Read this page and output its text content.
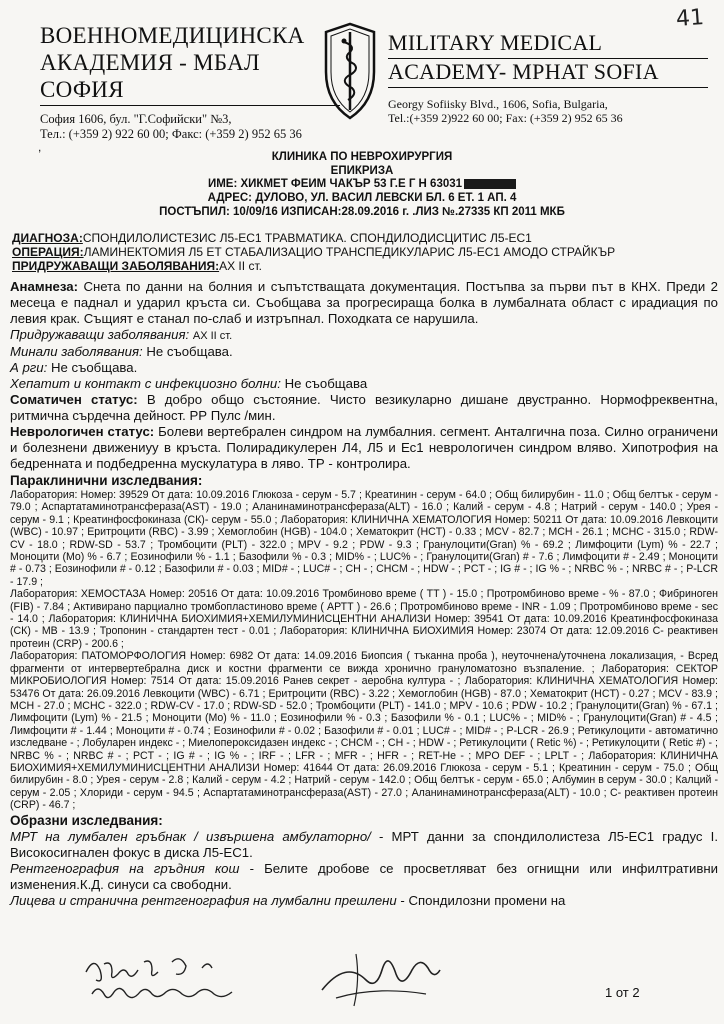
41
ВОЕННОМЕДИЦИНСКА
АКАДЕМИЯ - МБАЛ СОФИЯ
София 1606, бул. "Г.Софийски" №3,
Тел.: (+359 2) 922 60 00; Факс: (+359 2) 952 65 36
MILITARY MEDICAL
ACADEMY- MPHAT SOFIA
Georgy Sofiisky Blvd., 1606, Sofia, Bulgaria,
Tel.:(+359 2)922 60 00; Fax: (+359 2) 952 65 36
,
КЛИНИКА ПО НЕВРОХИРУРГИЯ
ЕПИКРИЗА
ИМЕ: ХИКМЕТ ФЕИМ ЧАКЪР 53 Г.Е Г Н 63031
АДРЕС: ДУЛОВО, УЛ. ВАСИЛ ЛЕВСКИ БЛ. 6 ЕТ. 1 АП. 4
ПОСТЪПИЛ: 10/09/16 ИЗПИСАН:28.09.2016 г. .ЛИЗ №.27335 КП 2011 МКБ
ДИАГНОЗА:СПОНДИЛОЛИСТЕЗИС Л5-ЕС1 ТРАВМАТИКА. СПОНДИЛОДИСЦИТИС Л5-ЕС1
ОПЕРАЦИЯ:ЛАМИНЕКТОМИЯ Л5 ЕТ СТАБАЛИЗАЦИО ТРАНСПЕДИКУЛАРИС Л5-ЕС1 АМОДО СТРАЙКЪР
ПРИДРУЖАВАЩИ ЗАБОЛЯВАНИЯ:АХ II ст.

Анамнеза: Снета по данни на болния и съпътстващата документация. Постъпва за първи път в КНХ. Преди 2 месеца е паднал и ударил кръста си. Съобщава за прогресираща болка в лумбалната област с ирадиация по левия крак. Същият е станал по-слаб и изтръпнал. Походката се нарушила.

Придружаващи заболявания: АХ II ст.

Минали заболявания: Не съобщава.

А рги: Не съобщава.

Хепатит и контакт с инфекциозно болни: Не съобщава

Соматичен статус: В добро общо състояние. Чисто везикуларно дишане двустранно. Нормофреквентна, ритмична сърдечна дейност. РР Пулс /мин.

Неврологичен статус: Болеви вертебрален синдром на лумбалния. сегмент. Анталгична поза. Силно ограничени и болезнени движениуу в кръста. Полирадикулерен Л4, Л5 и Ес1 неврологичен синдром вляво. Хипотрофия на бедренната и подбедренна мускулатура в ляво. ТР - контролира.

Параклинични изследвания:

Лаборатория: Номер: 39529 От дата: 10.09.2016 Глюкоза - серум - 5.7 ; Креатинин - серум - 64.0 ; Общ билирубин - 11.0 ; Общ белтък - серум - 79.0 ; Аспартатаминотрансфераза(AST) - 19.0 ; Аланинаминотрансфераза(ALT) - 16.0 ; Калий - серум - 4.8 ; Натрий - серум - 140.0 ; Урея - серум - 9.1 ; Креатинфосфокиназа (СК)- серум - 55.0 ; Лаборатория: КЛИНИЧНА ХЕМАТОЛОГИЯ Номер: 50211 От дата: 10.09.2016 Левкоцити (WBC) - 10.97 ; Еритроцити (RBC) - 3.99 ; Хемоглобин (HGB) - 104.0 ; Хематокрит (HCT) - 0.33 ; MCV - 82.7 ; MCH - 26.1 ; MCHC - 315.0 ; RDW-CV - 18.0 ; RDW-SD - 53.7 ; Тромбоцити (PLT) - 322.0 ; MPV - 9.2 ; PDW - 9.3 ; Гранулоцити(Gran) % - 69.2 ; Лимфоцити (Lym) % - 22.7 ; Моноцити (Mo) % - 6.7 ; Еозинофили % - 1.1 ; Базофили % - 0.3 ; MID% - ; LUC% - ; Гранулоцити(Gran) # - 7.6 ; Лимфоцити # - 2.49 ; Моноцити # - 0.73 ; Еозинофили # - 0.12 ; Базофили # - 0.03 ; MID# - ; LUC# - ; CH - ; CHCM - ; HDW - ; PCT - ; IG # - ; IG % - ; NRBC % - ; NRBC # - ; P-LCR - 17.9 ;

Лаборатория: ХЕМОСТАЗА Номер: 20516 От дата: 10.09.2016 Тромбиново време ( TT ) - 15.0 ; Протромбиново време - % - 87.0 ; Фибриноген (FIB) - 7.84 ; Активирано парциално тромбопластиново време ( АРТТ ) - 26.6 ; Протромбиново време - INR - 1.09 ; Протромбиново време - sec - 14.0 ; Лаборатория: КЛИНИЧНА БИОХИМИЯ+ХЕМИЛУМИНИСЦЕНТНИ АНАЛИЗИ Номер: 39541 От дата: 10.09.2016 Креатинфосфокиназа (СК) - МВ - 13.9 ; Тропонин - стандартен тест - 0.01 ; Лаборатория: КЛИНИЧНА БИОХИМИЯ Номер: 23074 От дата: 12.09.2016 С- реактивен протеин (CRP) - 200.6 ;

Лаборатория: ПАТОМОРФОЛОГИЯ Номер: 6982 От дата: 14.09.2016 Биопсия ( тъканна проба ), неуточнена/уточнена локализация, - Всред фрагменти от интервертебрална диск и костни фрагменти се вижда хронично грануломатозно възпаление. ; Лаборатория: СЕКТОР МИКРОБИОЛОГИЯ Номер: 7514 От дата: 15.09.2016 Ранев секрет - аеробна култура - ; Лаборатория: КЛИНИЧНА ХЕМАТОЛОГИЯ Номер: 53476 От дата: 26.09.2016 Левкоцити (WBC) - 6.71 ; Еритроцити (RBC) - 3.22 ; Хемоглобин (HGB) - 87.0 ; Хематокрит (HCT) - 0.27 ; MCV - 83.9 ; MCH - 27.0 ; MCHC - 322.0 ; RDW-CV - 17.0 ; RDW-SD - 52.0 ; Тромбоцити (PLT) - 141.0 ; MPV - 10.6 ; PDW - 10.2 ; Гранулоцити(Gran) % - 67.1 ; Лимфоцити (Lym) % - 21.5 ; Моноцити (Mo) % - 11.0 ; Еозинофили % - 0.3 ; Базофили % - 0.1 ; LUC% - ; MID% - ; Гранулоцити(Gran) # - 4.5 ; Лимфоцити # - 1.44 ; Моноцити # - 0.74 ; Еозинофили # - 0.02 ; Базофили # - 0.01 ; LUC# - ; MID# - ; P-LCR - 26.9 ; Ретикулоцити - автоматично изследване - ; Лобуларен индекс - ; Миелопероксидазен индекс - ; CHCM - ; CH - ; HDW - ; Ретикулоцити ( Retic %) - ; Ретикулоцити ( Retic #) - ; NRBC % - ; NRBC # - ; PCT - ; IG # - ; IG % - ; IRF - ; LFR - ; MFR - ; HFR - ; RET-He - ; MPO DEF - ; LPLT - ; Лаборатория: КЛИНИЧНА БИОХИМИЯ+ХЕМИЛУМИНИСЦЕНТНИ АНАЛИЗИ Номер: 41644 От дата: 26.09.2016 Глюкоза - серум - 5.1 ; Креатинин - серум - 75.0 ; Общ билирубин - 8.0 ; Урея - серум - 2.8 ; Калий - серум - 4.2 ; Натрий - серум - 142.0 ; Общ белтък - серум - 65.0 ; Албумин в серум - 30.0 ; Калций - серум - 2.05 ; Хлориди - серум - 94.5 ; Аспартатаминотрансфераза(AST) - 27.0 ; Аланинаминотрансфераза(ALT) - 10.0 ; С- реактивен протеин (CRP) - 46.7 ;

Образни изследвания:

МРТ на лумбален гръбнак / извършена амбулаторно/ - МРТ данни за спондилолистеза Л5-ЕС1 градус I. Високосигнален фокус в диска Л5-ЕС1.

Рентгенография на гръдния кош - Белите дробове се просветляват без огнищни или инфилтративни изменения.К.Д. синуси са свободни.

Лицева и странична рентгенография на лумбални прешлени - Спондилозни промени на

1 от 2
